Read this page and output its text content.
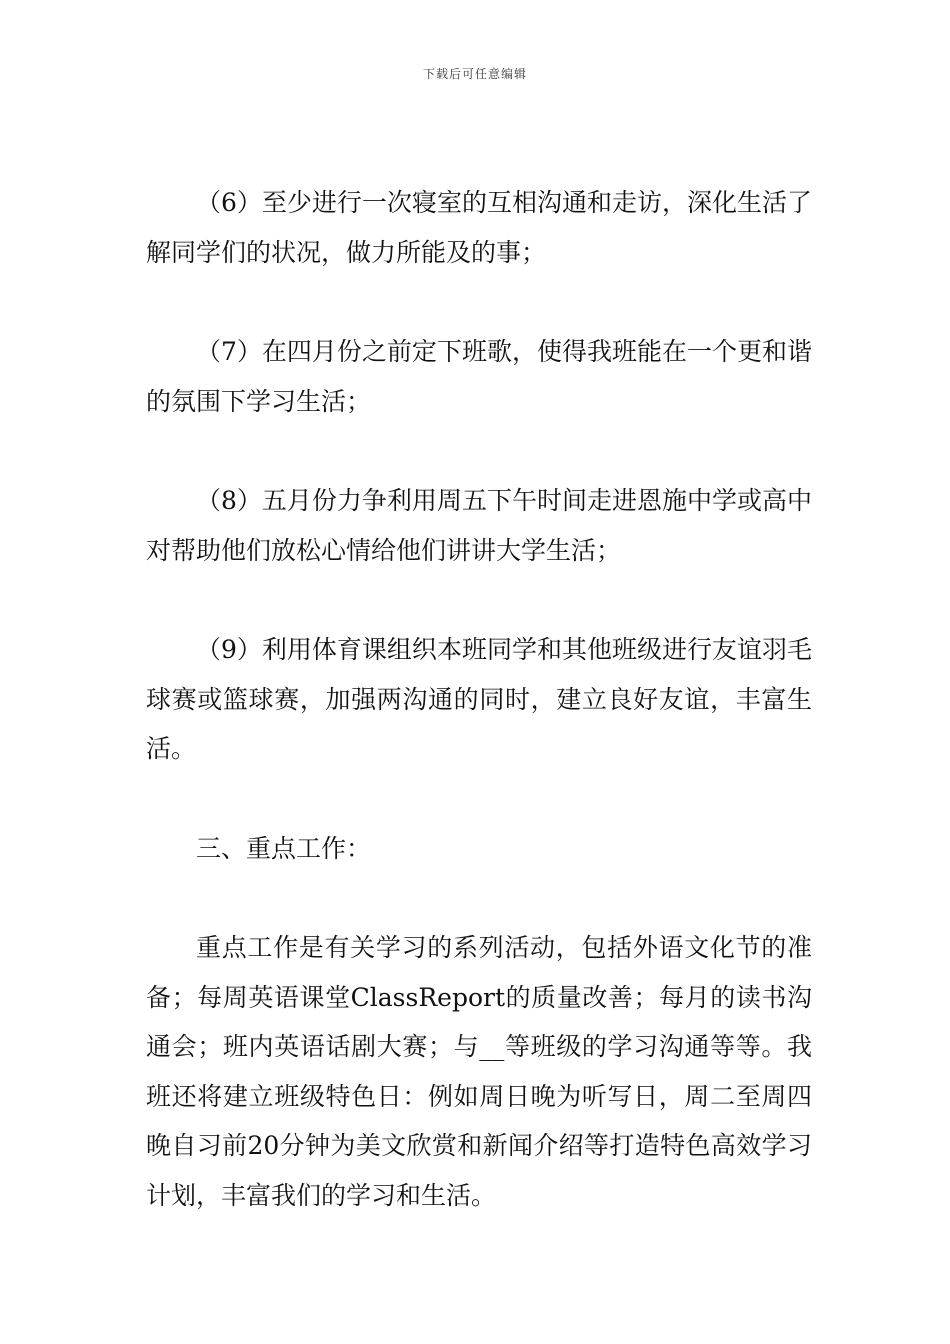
下载后可任意编辑

（6）至少进行一次寝室的互相沟通和走访，深化生活了解同学们的状况，做力所能及的事；

（7）在四月份之前定下班歌，使得我班能在一个更和谐的氛围下学习生活；

（8）五月份力争利用周五下午时间走进恩施中学或高中对帮助他们放松心情给他们讲讲大学生活；

（9）利用体育课组织本班同学和其他班级进行友谊羽毛球赛或篮球赛，加强两沟通的同时，建立良好友谊，丰富生活。

三、重点工作：

重点工作是有关学习的系列活动，包括外语文化节的准备；每周英语课堂ClassReport的质量改善；每月的读书沟通会；班内英语话剧大赛；与__等班级的学习沟通等等。我班还将建立班级特色日：例如周日晚为听写日，周二至周四晚自习前20分钟为美文欣赏和新闻介绍等打造特色高效学习计划，丰富我们的学习和生活。
